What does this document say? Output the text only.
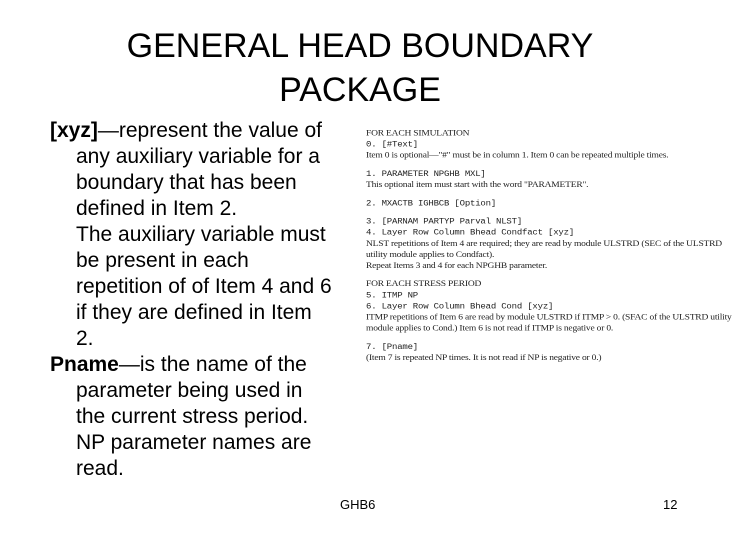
GENERAL HEAD BOUNDARY
PACKAGE

[xyz]—represent the value of any auxiliary variable for a boundary that has been defined in Item 2.

The auxiliary variable must be present in each repetition of of Item 4 and 6 if they are defined in Item 2.

Pname—is the name of the parameter being used in the current stress period.

NP parameter names are read.

FOR EACH SIMULATION
0. [#Text]
Item 0 is optional—"#" must be in column 1. Item 0 can be repeated multiple times.
1. PARAMETER NPGHB MXL]
This optional item must start with the word "PARAMETER".
2. MXACTB IGHBCB [Option]
3. [PARNAM PARTYP Parval NLST]
4. Layer Row Column Bhead Condfact [xyz]
NLST repetitions of Item 4 are required; they are read by module ULSTRD (SEC of the ULSTRD
utility module applies to Condfact).
Repeat Items 3 and 4 for each NPGHB parameter.
FOR EACH STRESS PERIOD
5. ITMP NP
6. Layer Row Column Bhead Cond [xyz]
ITMP repetitions of Item 6 are read by module ULSTRD if ITMP > 0. (SFAC of the ULSTRD utility
module applies to Cond.) Item 6 is not read if ITMP is negative or 0.
7. [Pname]
(Item 7 is repeated NP times. It is not read if NP is negative or 0.)
GHB6	12
